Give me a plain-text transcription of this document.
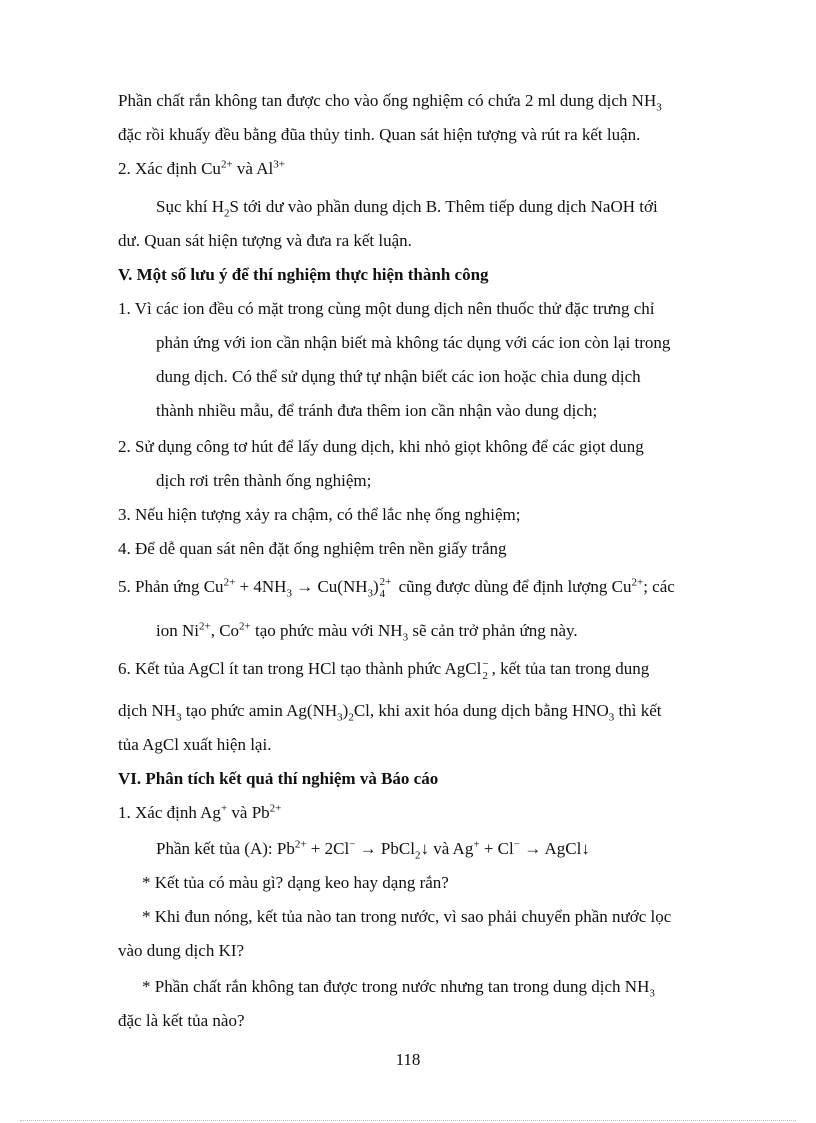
Phần chất rắn không tan được cho vào ống nghiệm có chứa 2 ml dung dịch $NH_3$
đặc rồi khuấy đều bằng đũa thủy tinh. Quan sát hiện tượng và rút ra kết luận.
2. Xác định $Cu^{2+}$ và $Al^{3+}$
Sục khí $H_2S$ tới dư vào phần dung dịch B. Thêm tiếp dung dịch NaOH tới
dư. Quan sát hiện tượng và đưa ra kết luận.
V. Một số lưu ý để thí nghiệm thực hiện thành công
1. Vì các ion đều có mặt trong cùng một dung dịch nên thuốc thử đặc trưng chỉ
phản ứng với ion cần nhận biết mà không tác dụng với các ion còn lại trong
dung dịch. Có thể sử dụng thứ tự nhận biết các ion hoặc chia dung dịch
thành nhiều mẫu, để tránh đưa thêm ion cần nhận vào dung dịch;
2. Sử dụng công tơ hút để lấy dung dịch, khi nhỏ giọt không để các giọt dung
dịch rơi trên thành ống nghiệm;
3. Nếu hiện tượng xảy ra chậm, có thể lắc nhẹ ống nghiệm;
4. Để dễ quan sát nên đặt ống nghiệm trên nền giấy trắng
5. Phản ứng $Cu^{2+} + 4NH_3 \to Cu(NH_3)$ 2+
4 cũng được dùng để định lượng $Cu^{2+}$; các
ion $Ni^{2+}$, $Co^{2+}$ tạo phức màu với $NH_3$ sẽ cản trở phản ứng này.
6. Kết tủa AgCl ít tan trong HCl tạo thành phức AgCl −
2 , kết tủa tan trong dung
dịch $NH_3$ tạo phức amin $Ag(NH_3)_2Cl$, khi axit hóa dung dịch bằng $HNO_3$ thì kết
tủa AgCl xuất hiện lại.
VI. Phân tích kết quả thí nghiệm và Báo cáo
1. Xác định Ag+ và $Pb^{2+}$
Phần kết tủa (A): $Pb^{2+} + 2Cl^-$ → PbCl$_2$↓ và Ag+ + Cl− → AgCl↓
* Kết tủa có màu gì? dạng keo hay dạng rắn?
* Khi đun nóng, kết tủa nào tan trong nước, vì sao phải chuyển phần nước lọc
vào dung dịch KI?
* Phần chất rắn không tan được trong nước nhưng tan trong dung dịch $NH_3$
đặc là kết tủa nào?
118
